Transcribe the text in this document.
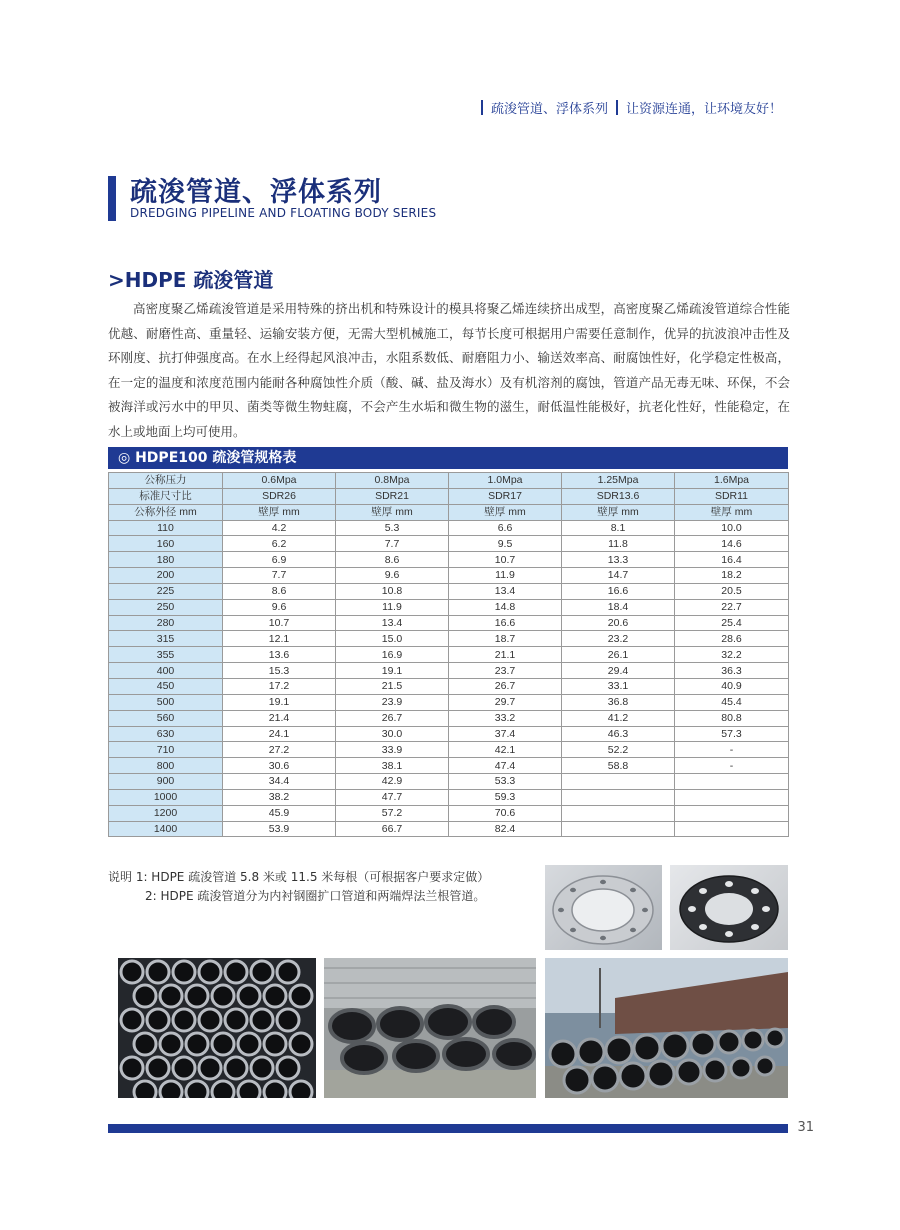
疏浚管道、浮体系列 让资源连通，让环境友好！
疏浚管道、浮体系列
DREDGING PIPELINE AND FLOATING BODY SERIES
>HDPE 疏浚管道
高密度聚乙烯疏浚管道是采用特殊的挤出机和特殊设计的模具将聚乙烯连续挤出成型，高密度聚乙烯疏浚管道综合性能优越、耐磨性高、重量轻、运输安装方便，无需大型机械施工，每节长度可根据用户需要任意制作，优异的抗波浪冲击性及环刚度、抗打伸强度高。在水上经得起风浪冲击，水阻系数低、耐磨阻力小、输送效率高、耐腐蚀性好，化学稳定性极高，在一定的温度和浓度范围内能耐各种腐蚀性介质（酸、碱、盐及海水）及有机溶剂的腐蚀，管道产品无毒无味、环保，不会被海洋或污水中的甲贝、菌类等微生物蛀腐，不会产生水垢和微生物的滋生，耐低温性能极好，抗老化性好，性能稳定，在水上或地面上均可使用。
◎ HDPE100 疏浚管规格表
公称压力	0.6Mpa	0.8Mpa	1.0Mpa	1.25Mpa	1.6Mpa
标准尺寸比	SDR26	SDR21	SDR17	SDR13.6	SDR11
公称外径 mm	壁厚 mm	壁厚 mm	壁厚 mm	壁厚 mm	壁厚 mm
110	4.2	5.3	6.6	8.1	10.0
160	6.2	7.7	9.5	11.8	14.6
180	6.9	8.6	10.7	13.3	16.4
200	7.7	9.6	11.9	14.7	18.2
225	8.6	10.8	13.4	16.6	20.5
250	9.6	11.9	14.8	18.4	22.7
280	10.7	13.4	16.6	20.6	25.4
315	12.1	15.0	18.7	23.2	28.6
355	13.6	16.9	21.1	26.1	32.2
400	15.3	19.1	23.7	29.4	36.3
450	17.2	21.5	26.7	33.1	40.9
500	19.1	23.9	29.7	36.8	45.4
560	21.4	26.7	33.2	41.2	80.8
630	24.1	30.0	37.4	46.3	57.3
710	27.2	33.9	42.1	52.2	-
800	30.6	38.1	47.4	58.8	-
900	34.4	42.9	53.3		
1000	38.2	47.7	59.3		
1200	45.9	57.2	70.6		
1400	53.9	66.7	82.4		
说明 1: HDPE 疏浚管道 5.8 米或 11.5 米每根（可根据客户要求定做）
2: HDPE 疏浚管道分为内衬钢圈扩口管道和两端焊法兰根管道。
31
